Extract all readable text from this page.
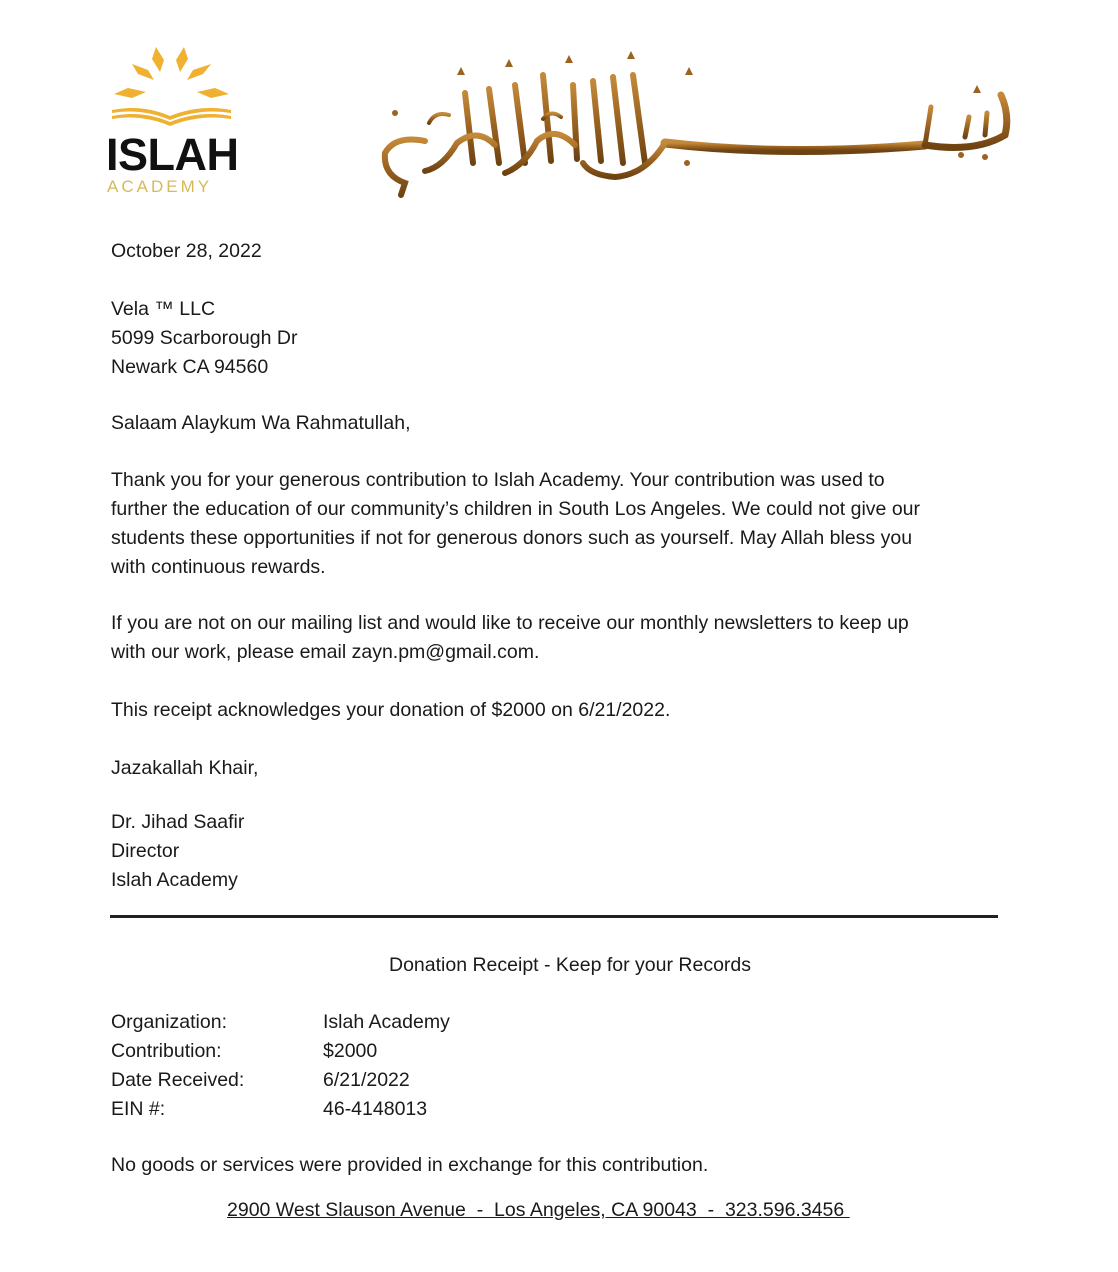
ISLAH
ACADEMY
October 28, 2022
Vela ™ LLC
5099 Scarborough Dr
Newark CA 94560
Salaam Alaykum Wa Rahmatullah,
Thank you for your generous contribution to Islah Academy. Your contribution was used to
further the education of our community’s children in South Los Angeles. We could not give our
students these opportunities if not for generous donors such as yourself. May Allah bless you
with continuous rewards.
If you are not on our mailing list and would like to receive our monthly newsletters to keep up
with our work, please email zayn.pm@gmail.com.
This receipt acknowledges your donation of $2000 on 6/21/2022.
Jazakallah Khair,
Dr. Jihad Saafir
Director
Islah Academy
Donation Receipt - Keep for your Records
Organization:	Islah Academy
Contribution:	$2000
Date Received:	6/21/2022
EIN #:	46-4148013
No goods or services were provided in exchange for this contribution.
2900 West Slauson Avenue  -  Los Angeles, CA 90043  -  323.596.3456
